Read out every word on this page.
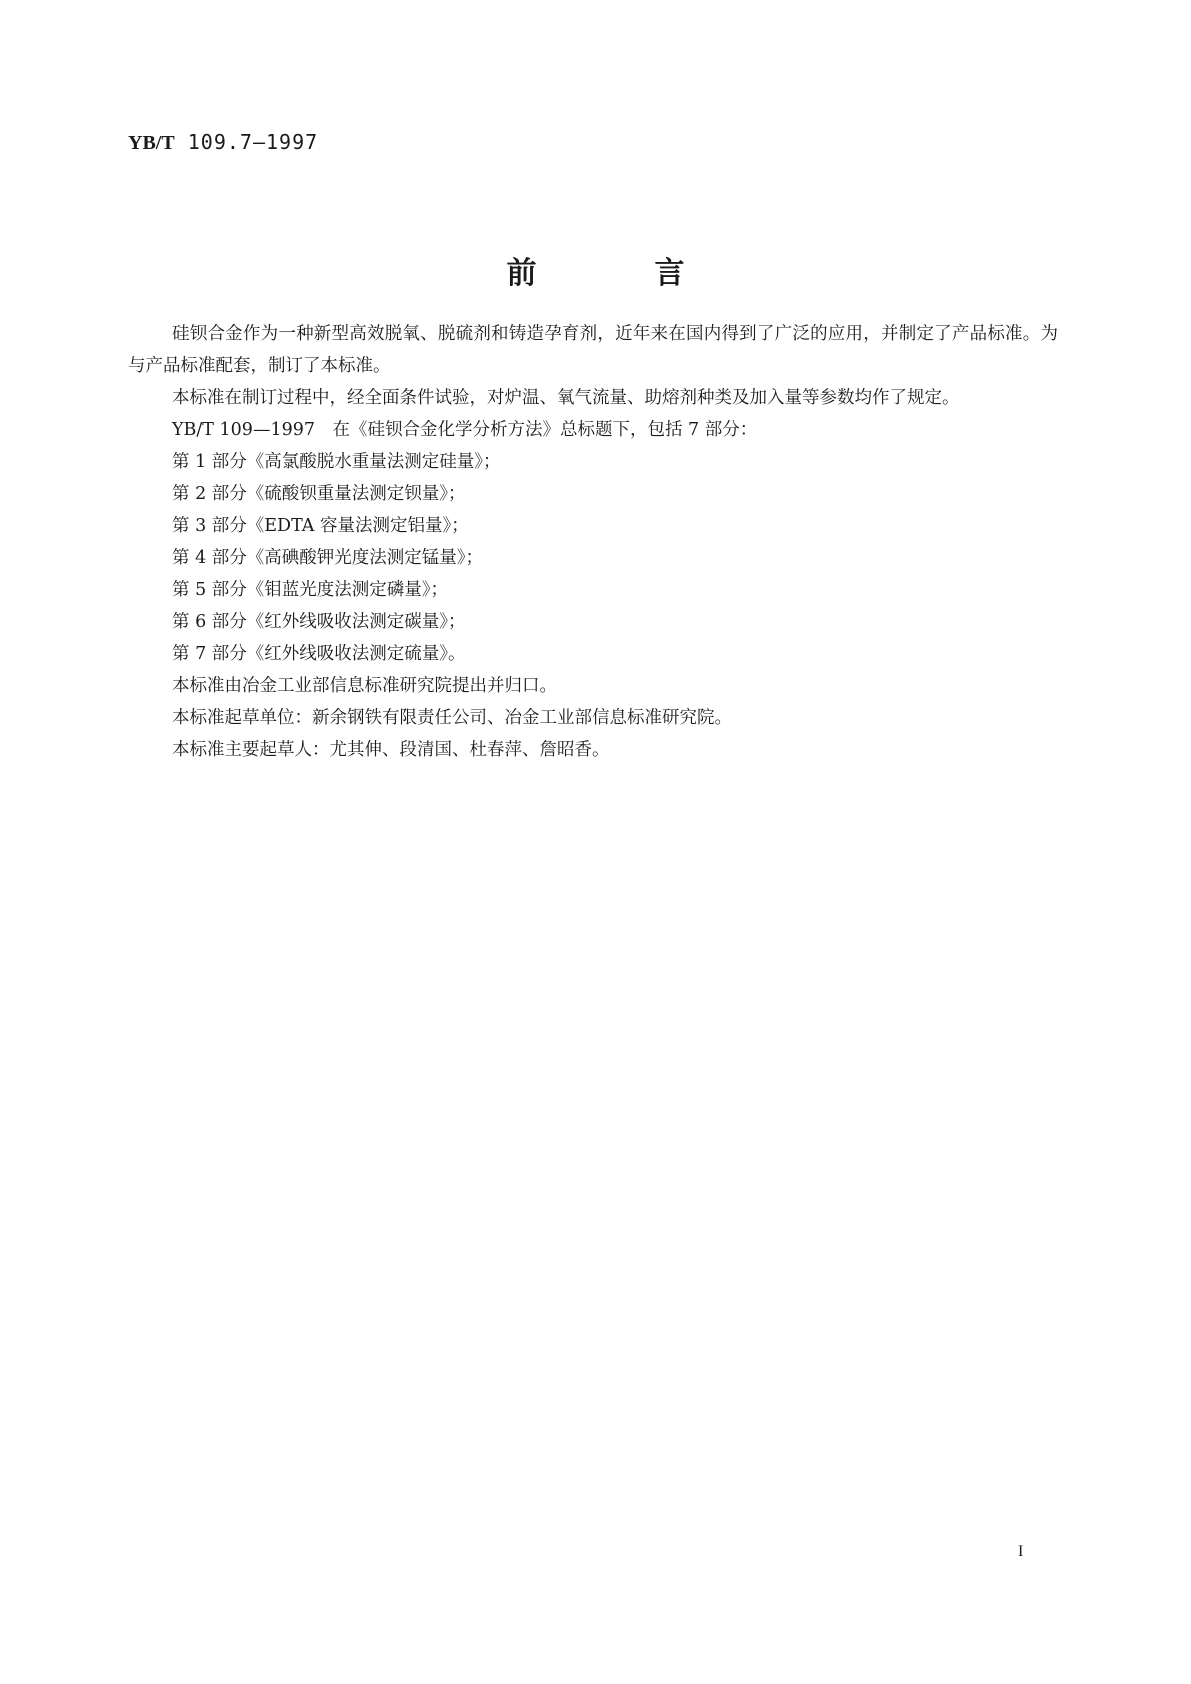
YB/T 109.7—1997
前	言

硅钡合金作为一种新型高效脱氧、脱硫剂和铸造孕育剂，近年来在国内得到了广泛的应用，并制定了产品标准。为与产品标准配套，制订了本标准。

本标准在制订过程中，经全面条件试验，对炉温、氧气流量、助熔剂种类及加入量等参数均作了规定。

YB/T 109—1997　在《硅钡合金化学分析方法》总标题下，包括 7 部分：

第 1 部分《高氯酸脱水重量法测定硅量》；

第 2 部分《硫酸钡重量法测定钡量》；

第 3 部分《EDTA 容量法测定铝量》；

第 4 部分《高碘酸钾光度法测定锰量》；

第 5 部分《钼蓝光度法测定磷量》；

第 6 部分《红外线吸收法测定碳量》；

第 7 部分《红外线吸收法测定硫量》。

本标准由冶金工业部信息标准研究院提出并归口。

本标准起草单位：新余钢铁有限责任公司、冶金工业部信息标准研究院。

本标准主要起草人：尤其伸、段清国、杜春萍、詹昭香。

I
